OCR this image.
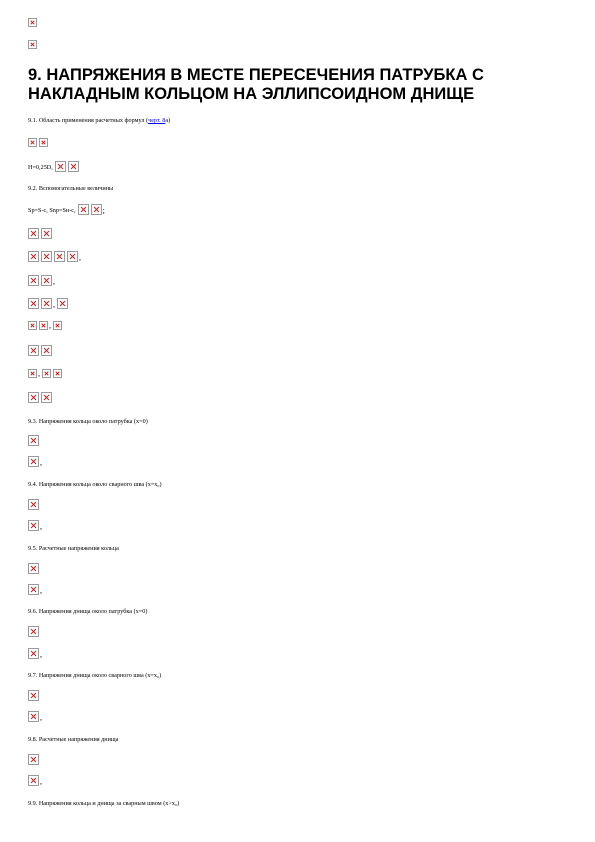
9. НАПРЯЖЕНИЯ В МЕСТЕ ПЕРЕСЕЧЕНИЯ ПАТРУБКА С НАКЛАДНЫМ КОЛЬЦОМ НА ЭЛЛИПСОИДНОМ ДНИЩЕ
9.1. Область применения расчетных формул (черт. 8а)
H=0,25D,
9.2. Вспомогательные величины
Sp=S-c, Snp=Sн-c,	;
,
,
,
,
,
9.3. Напряжения кольца около патрубка (x=0)
,
9.4. Напряжения кольца около сварного шва (x=x₀)
,
9.5. Расчетные напряжения кольца
,
9.6. Напряжения днища около патрубка (x=0)
,
9.7. Напряжения днища около сварного шва (x=x₀)
,
9.8. Расчетные напряжения днища
,
9.9. Напряжения кольца и днища за сварным швом (x>x₀)
